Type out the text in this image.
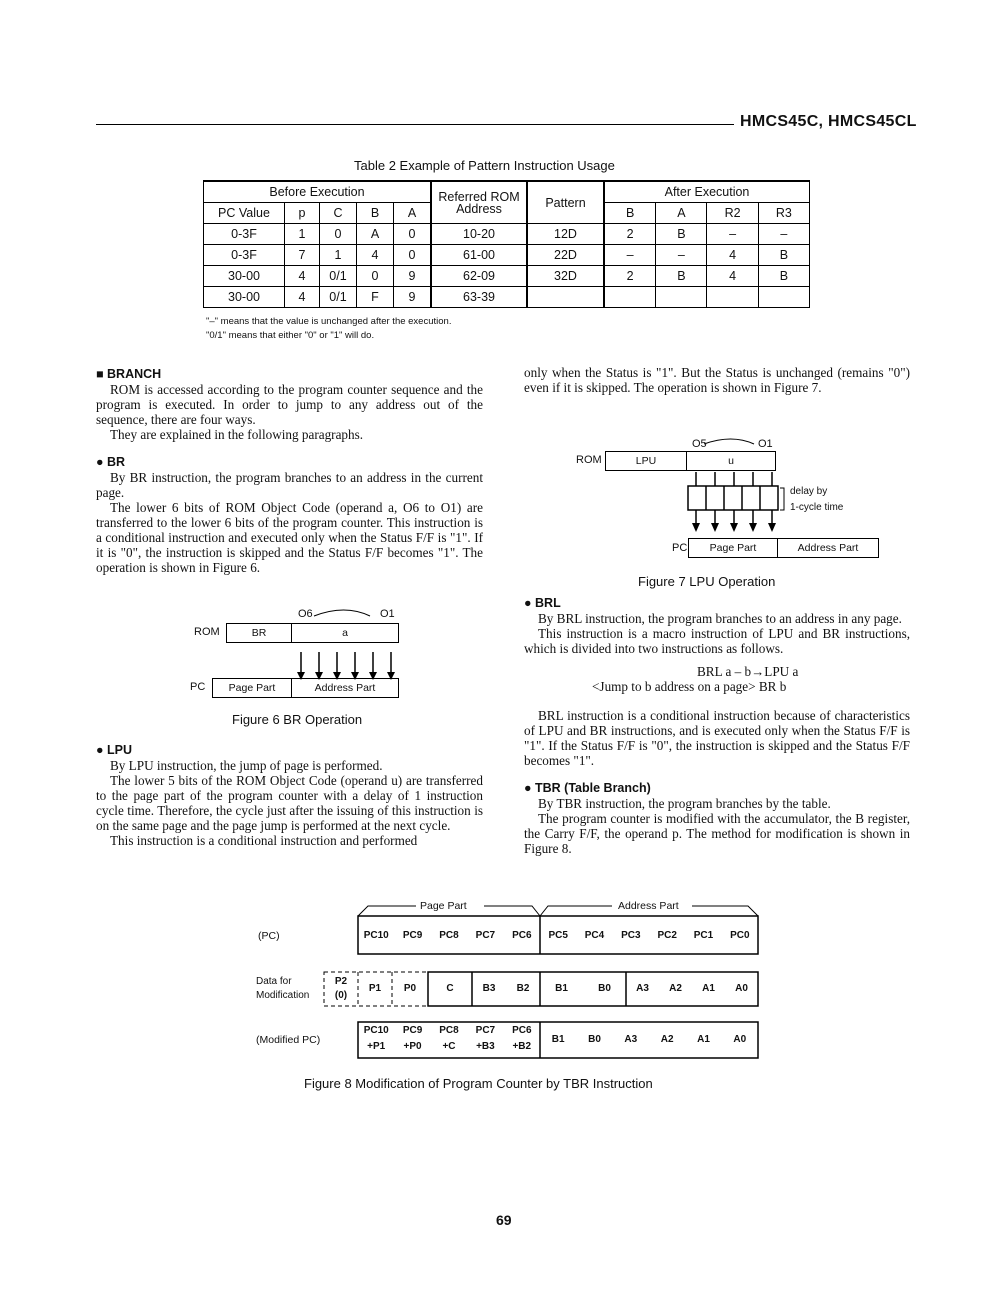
HMCS45C, HMCS45CL
Table 2 Example of Pattern Instruction Usage
Before Execution					Referred ROM Address	Pattern	After Execution			
PC Value	p	C	B	A			B	A	R2	R3
0-3F	1	0	A	0	10-20	12D	2	B	–	–
0-3F	7	1	4	0	61-00	22D	–	–	4	B
30-00	4	0/1	0	9	62-09	32D	2	B	4	B
30-00	4	0/1	F	9	63-39					
"–" means that the value is unchanged after the execution.
"0/1" means that either "0" or "1" will do.

■ BRANCH

ROM is accessed according to the program counter sequence and the program is executed. In order to jump to any address out of the sequence, there are four ways.

They are explained in the following paragraphs.

● BR

By BR instruction, the program branches to an address in the current page.

The lower 6 bits of ROM Object Code (operand a, O6 to O1) are transferred to the lower 6 bits of the program counter. This instruction is a conditional instruction and executed only when the Status F/F is "1". If it is "0", the instruction is skipped and the Status F/F becomes "1". The operation is shown in Figure 6.

O6	O1
ROM	BR	a
PC	Page Part	Address Part
Figure 6 BR Operation

● LPU

By LPU instruction, the jump of page is performed.

The lower 5 bits of the ROM Object Code (operand u) are transferred to the page part of the program counter with a delay of 1 instruction cycle time. Therefore, the cycle just after the issuing of this instruction is on the same page and the page jump is performed at the next cycle.

This instruction is a conditional instruction and performed

only when the Status is "1". But the Status is unchanged (remains "0") even if it is skipped. The operation is shown in Figure 7.

O5	O1
ROM	LPU	u
delay by
1-cycle time
PC	Page Part	Address Part
Figure 7 LPU Operation

● BRL

By BRL instruction, the program branches to an address in any page.

This instruction is a macro instruction of LPU and BR instructions, which is divided into two instructions as follows.

BRL a – b→LPU a

<Jump to b address on a page> BR b

BRL instruction is a conditional instruction because of characteristics of LPU and BR instructions, and is executed only when the Status F/F is "1". If the Status F/F is "0", the instruction is skipped and the Status F/F becomes "1".

● TBR (Table Branch)

By TBR instruction, the program branches by the table.

The program counter is modified with the accumulator, the B register, the Carry F/F, the operand p. The method for modification is shown in Figure 8.

Page Part	Address Part
(PC)
Data for
Modification
(Modified PC)
P2
(0)
PC10	PC9	PC8	PC7	PC6	PC5	PC4	PC3	PC2	PC1	PC0
P1	P0	C	B3	B2	B1	B0	A3	A2	A1	A0
PC10
+P1
PC9
+P0
PC8
+C
PC7
+B3
PC6
+B2
B1	B0	A3	A2	A1	A0
Figure 8 Modification of Program Counter by TBR Instruction
69
